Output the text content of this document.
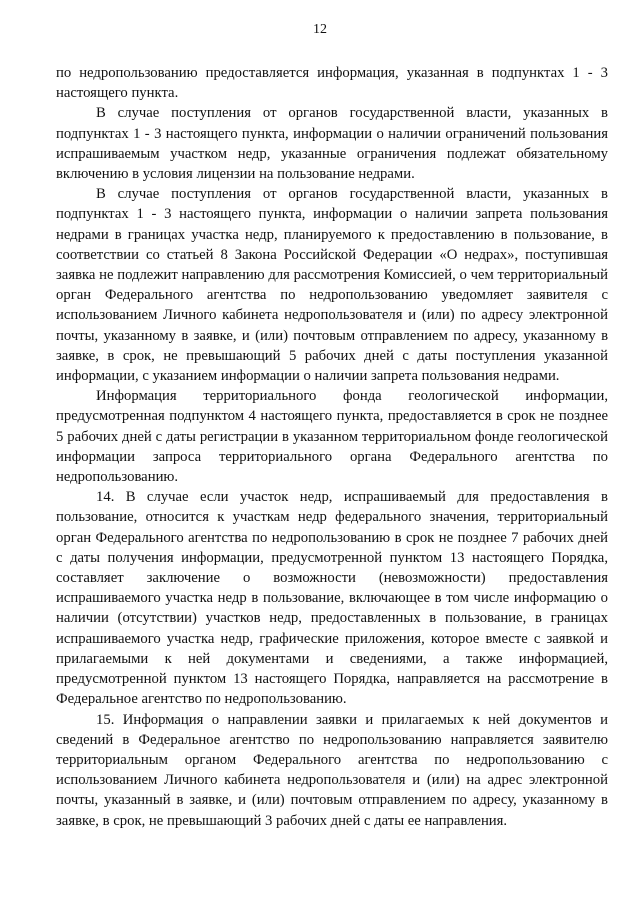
12

по недропользованию предоставляется информация, указанная в подпунктах 1 - 3 настоящего пункта.

В случае поступления от органов государственной власти, указанных в подпунктах 1 - 3 настоящего пункта, информации о наличии ограничений пользования испрашиваемым участком недр, указанные ограничения подлежат обязательному включению в условия лицензии на пользование недрами.

В случае поступления от органов государственной власти, указанных в подпунктах 1 - 3 настоящего пункта, информации о наличии запрета пользования недрами в границах участка недр, планируемого к предоставлению в пользование, в соответствии со статьей 8 Закона Российской Федерации «О недрах», поступившая заявка не подлежит направлению для рассмотрения Комиссией, о чем территориальный орган Федерального агентства по недропользованию уведомляет заявителя с использованием Личного кабинета недропользователя и (или) по адресу электронной почты, указанному в заявке, и (или) почтовым отправлением по адресу, указанному в заявке, в срок, не превышающий 5 рабочих дней с даты поступления указанной информации, с указанием информации о наличии запрета пользования недрами.

Информация территориального фонда геологической информации, предусмотренная подпунктом 4 настоящего пункта, предоставляется в срок не позднее 5 рабочих дней с даты регистрации в указанном территориальном фонде геологической информации запроса территориального органа Федерального агентства по недропользованию.

14. В случае если участок недр, испрашиваемый для предоставления в пользование, относится к участкам недр федерального значения, территориальный орган Федерального агентства по недропользованию в срок не позднее 7 рабочих дней с даты получения информации, предусмотренной пунктом 13 настоящего Порядка, составляет заключение о возможности (невозможности) предоставления испрашиваемого участка недр в пользование, включающее в том числе информацию о наличии (отсутствии) участков недр, предоставленных в пользование, в границах испрашиваемого участка недр, графические приложения, которое вместе с заявкой и прилагаемыми к ней документами и сведениями, а также информацией, предусмотренной пунктом 13 настоящего Порядка, направляется на рассмотрение в Федеральное агентство по недропользованию.

15. Информация о направлении заявки и прилагаемых к ней документов и сведений в Федеральное агентство по недропользованию направляется заявителю территориальным органом Федерального агентства по недропользованию с использованием Личного кабинета недропользователя и (или) на адрес электронной почты, указанный в заявке, и (или) почтовым отправлением по адресу, указанному в заявке, в срок, не превышающий 3 рабочих дней с даты ее направления.
